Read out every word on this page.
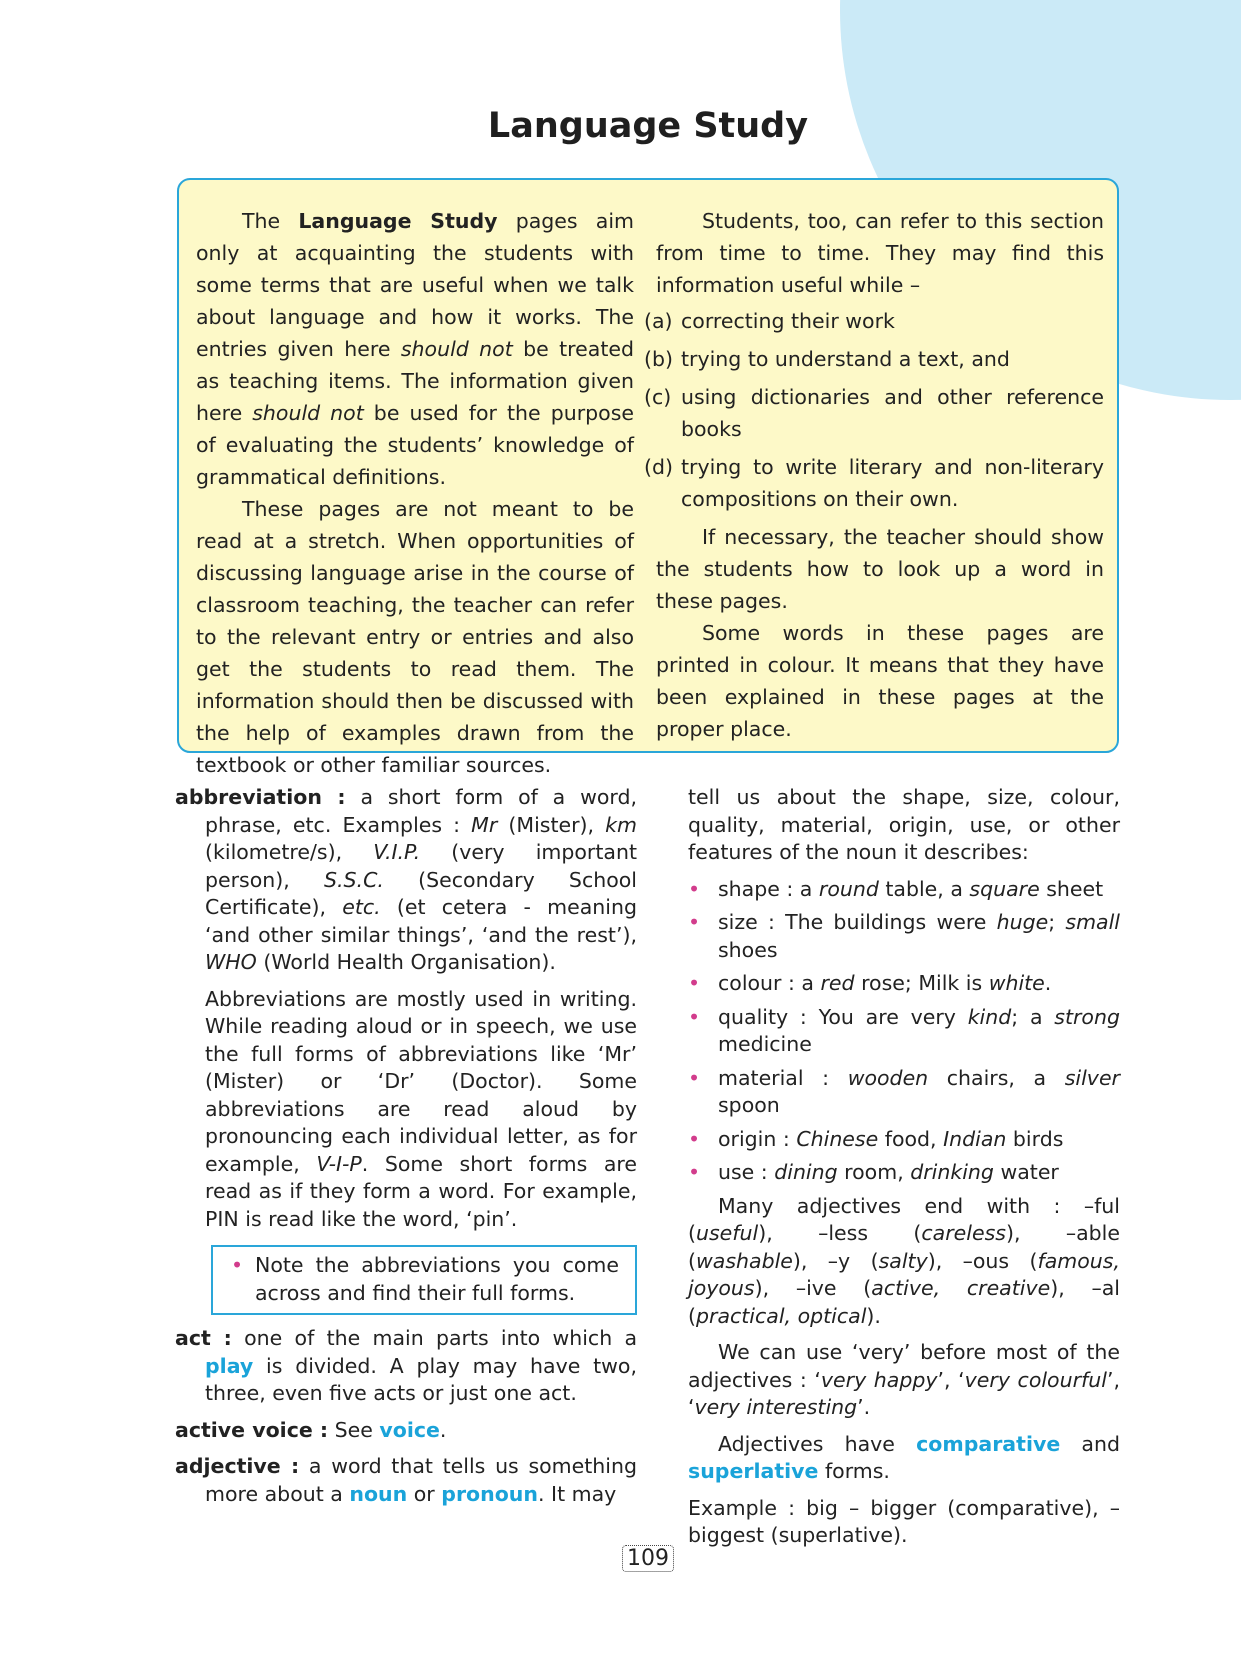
Language Study

The Language Study pages aim only at acquainting the students with some terms that are useful when we talk about language and how it works. The entries given here should not be treated as teaching items. The information given here should not be used for the purpose of evaluating the students’ knowledge of grammatical definitions.

These pages are not meant to be read at a stretch. When opportunities of discussing language arise in the course of classroom teaching, the teacher can refer to the relevant entry or entries and also get the students to read them. The information should then be discussed with the help of examples drawn from the textbook or other familiar sources.

Students, too, can refer to this section from time to time. They may find this information useful while –

(a) correcting their work
(b) trying to understand a text, and
(c) using dictionaries and other reference books
(d) trying to write literary and non-literary compositions on their own.

If necessary, the teacher should show the students how to look up a word in these pages.

Some words in these pages are printed in colour. It means that they have been explained in these pages at the proper place.

abbreviation : a short form of a word, phrase, etc. Examples : Mr (Mister), km (kilometre/s), V.I.P. (very important person), S.S.C. (Secondary School Certificate), etc. (et cetera - meaning ‘and other similar things’, ‘and the rest’), WHO (World Health Organisation).

Abbreviations are mostly used in writing. While reading aloud or in speech, we use the full forms of abbreviations like ‘Mr’ (Mister) or ‘Dr’ (Doctor). Some abbreviations are read aloud by pronouncing each individual letter, as for example, V-I-P. Some short forms are read as if they form a word. For example, PIN is read like the word, ‘pin’.

• Note the abbreviations you come across and find their full forms.

act : one of the main parts into which a play is divided. A play may have two, three, even five acts or just one act.

active voice : See voice.

adjective : a word that tells us something more about a noun or pronoun. It may

tell us about the shape, size, colour, quality, material, origin, use, or other features of the noun it describes:

• shape : a round table, a square sheet
• size : The buildings were huge; small shoes
• colour : a red rose; Milk is white.
• quality : You are very kind; a strong medicine
• material : wooden chairs, a silver spoon
• origin : Chinese food, Indian birds
• use : dining room, drinking water

Many adjectives end with : –ful (useful), –less (careless), –able (washable), –y (salty), –ous (famous, joyous), –ive (active, creative), –al (practical, optical).

We can use ‘very’ before most of the adjectives : ‘very happy’, ‘very colourful’, ‘very interesting’.

Adjectives have comparative and superlative forms.

Example : big – bigger (comparative), – biggest (superlative).

109
